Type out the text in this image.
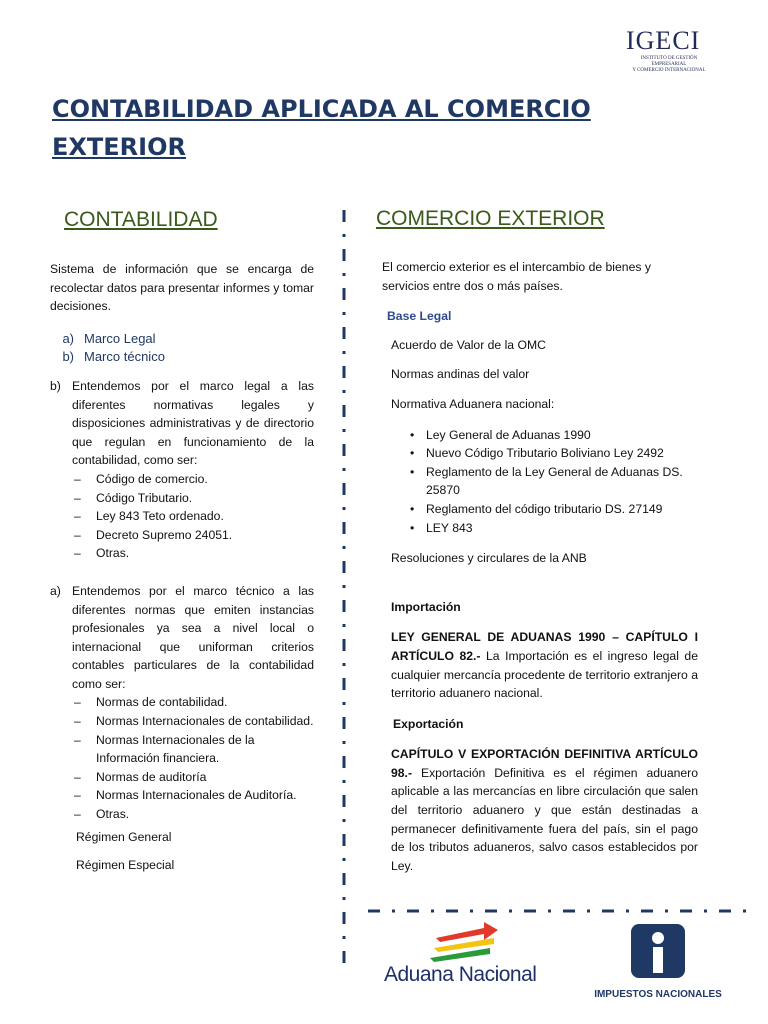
IGECI
INSTITUTO DE GESTIÓN EMPRESARIAL
Y COMERCIO INTERNACIONAL
CONTABILIDAD APLICADA AL COMERCIO EXTERIOR
CONTABILIDAD	COMERCIO EXTERIOR

Sistema de información que se encarga de recolectar datos para presentar informes y tomar decisiones.

a) Marco Legal
b) Marco técnico
b) Entendemos por el marco legal a las diferentes normativas legales y disposiciones administrativas y de directorio que regulan en funcionamiento de la contabilidad, como ser:
–	Código de comercio.
–	Código Tributario.
–	Ley 843 Teto ordenado.
–	Decreto Supremo 24051.
–	Otras.
a) Entendemos por el marco técnico a las diferentes normas que emiten instancias profesionales ya sea a nivel local o internacional que uniforman criterios contables particulares de la contabilidad como ser:
–	Normas de contabilidad.
–	Normas Internacionales de contabilidad.
–	Normas Internacionales de la Información financiera.
–	Normas de auditoría
–	Normas Internacionales de Auditoría.
–	Otras.

Régimen General

Régimen Especial

El comercio exterior es el intercambio de bienes y servicios entre dos o más países.

Base Legal

Acuerdo de Valor de la OMC

Normas andinas del valor

Normativa Aduanera nacional:

• Ley General de Aduanas 1990
• Nuevo Código Tributario Boliviano Ley 2492
• Reglamento de la Ley General de Aduanas DS. 25870
• Reglamento del código tributario DS. 27149
• LEY 843

Resoluciones y circulares de la ANB

Importación

LEY GENERAL DE ADUANAS 1990 – CAPÍTULO I ARTÍCULO 82.- La Importación es el ingreso legal de cualquier mercancía procedente de territorio extranjero a territorio aduanero nacional.

Exportación

CAPÍTULO V EXPORTACIÓN DEFINITIVA ARTÍCULO 98.- Exportación Definitiva es el régimen aduanero aplicable a las mercancías en libre circulación que salen del territorio aduanero y que están destinadas a permanecer definitivamente fuera del país, sin el pago de los tributos aduaneros, salvo casos establecidos por Ley.

Aduana Nacional
IMPUESTOS NACIONALES
